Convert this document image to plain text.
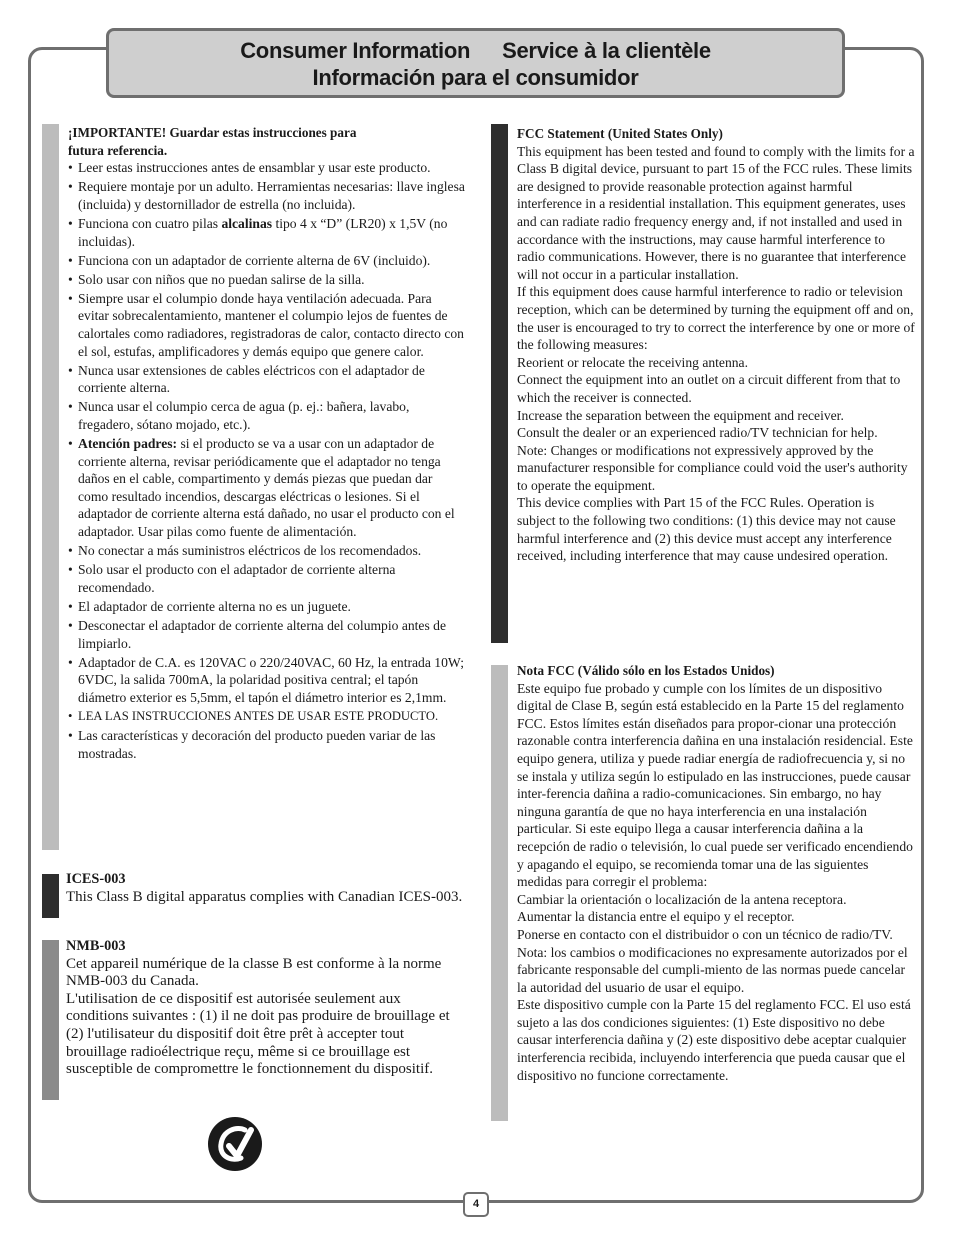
Consumer Information Service à la clientèle
Información para el consumidor

¡IMPORTANTE! Guardar estas instrucciones para
futura referencia.

• Leer estas instrucciones antes de ensamblar y usar este producto.
• Requiere montaje por un adulto. Herramientas necesarias: llave inglesa (incluida) y destornillador de estrella (no incluida).
• Funciona con cuatro pilas alcalinas tipo 4 x “D” (LR20) x 1,5V (no incluidas).
• Funciona con un adaptador de corriente alterna de 6V (incluido).
• Solo usar con niños que no puedan salirse de la silla.
• Siempre usar el columpio donde haya ventilación adecuada. Para evitar sobrecalentamiento, mantener el columpio lejos de fuentes de calortales como radiadores, registradoras de calor, contacto directo con el sol, estufas, amplificadores y demás equipo que genere calor.
• Nunca usar extensiones de cables eléctricos con el adaptador de corriente alterna.
• Nunca usar el columpio cerca de agua (p. ej.: bañera, lavabo, fregadero, sótano mojado, etc.).
• Atención padres: si el producto se va a usar con un adaptador de corriente alterna, revisar periódicamente que el adaptador no tenga daños en el cable, compartimento y demás piezas que puedan dar como resultado incendios, descargas eléctricas o lesiones. Si el adaptador de corriente alterna está dañado, no usar el producto con el adaptador. Usar pilas como fuente de alimentación.
• No conectar a más suministros eléctricos de los recomendados.
• Solo usar el producto con el adaptador de corriente alterna recomendado.
• El adaptador de corriente alterna no es un juguete.
• Desconectar el adaptador de corriente alterna del columpio antes de limpiarlo.
• Adaptador de C.A. es 120VAC o 220/240VAC, 60 Hz, la entrada 10W; 6VDC, la salida 700mA, la polaridad positiva central; el tapón diámetro exterior es 5,5mm, el tapón el diámetro interior es 2,1mm.
• LEA LAS INSTRUCCIONES ANTES DE USAR ESTE PRODUCTO.
• Las características y decoración del producto pueden variar de las mostradas.

ICES-003

This Class B digital apparatus complies with Canadian ICES-003.

NMB-003

Cet appareil numérique de la classe B est conforme à la norme NMB-003 du Canada.

L'utilisation de ce dispositif est autorisée seulement aux conditions suivantes : (1) il ne doit pas produire de brouillage et (2) l'utilisateur du dispositif doit être prêt à accepter tout brouillage radioélectrique reçu, même si ce brouillage est susceptible de compromettre le fonctionnement du dispositif.

FCC Statement (United States Only)

This equipment has been tested and found to comply with the limits for a Class B digital device, pursuant to part 15 of the FCC rules. These limits are designed to provide reasonable protection against harmful interference in a residential installation. This equipment generates, uses and can radiate radio frequency energy and, if not installed and used in accordance with the instructions, may cause harmful interference to radio communications. However, there is no guarantee that interference will not occur in a particular installation.

If this equipment does cause harmful interference to radio or television reception, which can be determined by turning the equipment off and on, the user is encouraged to try to correct the interference by one or more of the following measures:

Reorient or relocate the receiving antenna.

Connect the equipment into an outlet on a circuit different from that to which the receiver is connected.

Increase the separation between the equipment and receiver.

Consult the dealer or an experienced radio/TV technician for help.

Note: Changes or modifications not expressively approved by the manufacturer responsible for compliance could void the user's authority to operate the equipment.

This device complies with Part 15 of the FCC Rules. Operation is subject to the following two conditions: (1) this device may not cause harmful interference and (2) this device must accept any interference received, including interference that may cause undesired operation.

Nota FCC (Válido sólo en los Estados Unidos)

Este equipo fue probado y cumple con los límites de un dispositivo digital de Clase B, según está establecido en la Parte 15 del reglamento FCC. Estos límites están diseñados para propor-cionar una protección razonable contra interferencia dañina en una instalación residencial. Este equipo genera, utiliza y puede radiar energía de radiofrecuencia y, si no se instala y utiliza según lo estipulado en las instrucciones, puede causar inter-ferencia dañina a radio-comunicaciones. Sin embargo, no hay ninguna garantía de que no haya interferencia en una instalación particular. Si este equipo llega a causar interferencia dañina a la recepción de radio o televisión, lo cual puede ser verificado encendiendo y apagando el equipo, se recomienda tomar una de las siguientes medidas para corregir el problema:

Cambiar la orientación o localización de la antena receptora.

Aumentar la distancia entre el equipo y el receptor.

Ponerse en contacto con el distribuidor o con un técnico de radio/TV.

Nota: los cambios o modificaciones no expresamente autorizados por el fabricante responsable del cumpli-miento de las normas puede cancelar la autoridad del usuario de usar el equipo.

Este dispositivo cumple con la Parte 15 del reglamento FCC. El uso está sujeto a las dos condiciones siguientes: (1) Este dispositivo no debe causar interferencia dañina y (2) este dispositivo debe aceptar cualquier interferencia recibida, incluyendo interferencia que pueda causar que el dispositivo no funcione correctamente.

4
